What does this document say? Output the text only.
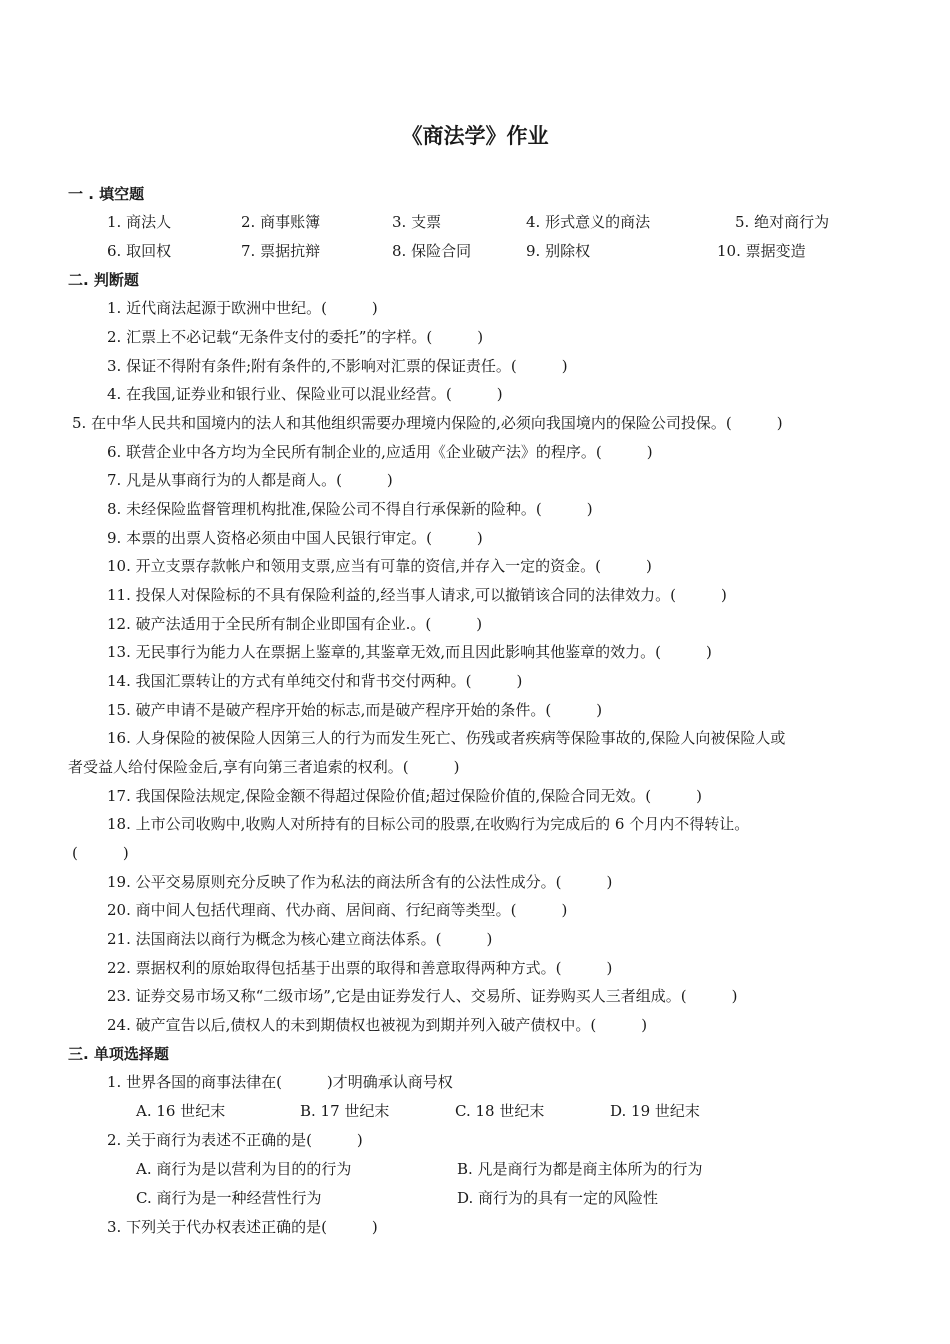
《商法学》作业
一 . 填空题
1. 商法人	2. 商事账簿	3. 支票	4. 形式意义的商法	5. 绝对商行为
6. 取回权	7. 票据抗辩	8. 保险合同	9. 别除权	10. 票据变造
二. 判断题
1. 近代商法起源于欧洲中世纪。(　　　)
2. 汇票上不必记载“无条件支付的委托”的字样。(　　　)
3. 保证不得附有条件;附有条件的,不影响对汇票的保证责任。(　　　)
4. 在我国,证券业和银行业、保险业可以混业经营。(　　　)
5. 在中华人民共和国境内的法人和其他组织需要办理境内保险的,必须向我国境内的保险公司投保。(　　　)
6. 联营企业中各方均为全民所有制企业的,应适用《企业破产法》的程序。(　　　)
7. 凡是从事商行为的人都是商人。(　　　)
8. 未经保险监督管理机构批准,保险公司不得自行承保新的险种。(　　　)
9. 本票的出票人资格必须由中国人民银行审定。(　　　)
10. 开立支票存款帐户和领用支票,应当有可靠的资信,并存入一定的资金。(　　　)
11. 投保人对保险标的不具有保险利益的,经当事人请求,可以撤销该合同的法律效力。(　　　)
12. 破产法适用于全民所有制企业即国有企业.。(　　　)
13. 无民事行为能力人在票据上鉴章的,其鉴章无效,而且因此影响其他鉴章的效力。(　　　)
14. 我国汇票转让的方式有单纯交付和背书交付两种。(　　　)
15. 破产申请不是破产程序开始的标志,而是破产程序开始的条件。(　　　)
16. 人身保险的被保险人因第三人的行为而发生死亡、伤残或者疾病等保险事故的,保险人向被保险人或
者受益人给付保险金后,享有向第三者追索的权利。(　　　)
17. 我国保险法规定,保险金额不得超过保险价值;超过保险价值的,保险合同无效。(　　　)
18. 上市公司收购中,收购人对所持有的目标公司的股票,在收购行为完成后的 6 个月内不得转让。
(　　　)
19. 公平交易原则充分反映了作为私法的商法所含有的公法性成分。(　　　)
20. 商中间人包括代理商、代办商、居间商、行纪商等类型。(　　　)
21. 法国商法以商行为概念为核心建立商法体系。(　　　)
22. 票据权利的原始取得包括基于出票的取得和善意取得两种方式。(　　　)
23. 证券交易市场又称“二级市场”,它是由证券发行人、交易所、证券购买人三者组成。(　　　)
24. 破产宣告以后,债权人的未到期债权也被视为到期并列入破产债权中。(　　　)
三. 单项选择题
1. 世界各国的商事法律在(　　　)才明确承认商号权
A. 16 世纪末	B. 17 世纪末	C. 18 世纪末	D. 19 世纪末
2. 关于商行为表述不正确的是(　　　)
A. 商行为是以营利为目的的行为	B. 凡是商行为都是商主体所为的行为
C. 商行为是一种经营性行为	D. 商行为的具有一定的风险性
3. 下列关于代办权表述正确的是(　　　)
